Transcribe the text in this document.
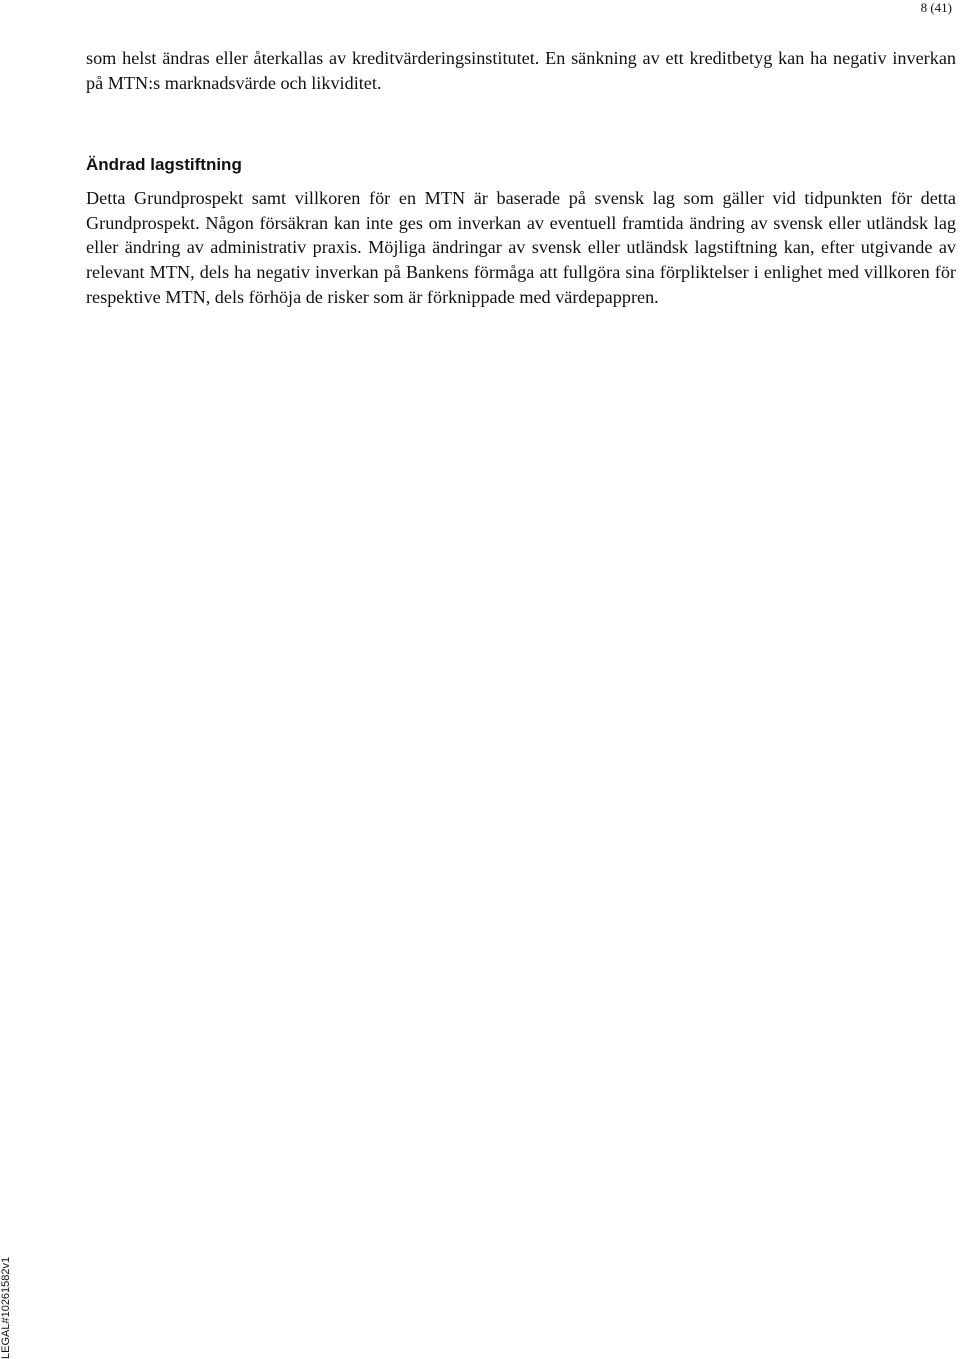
8 (41)

som helst ändras eller återkallas av kreditvärderingsinstitutet. En sänkning av ett kreditbetyg kan ha negativ inverkan på MTN:s marknadsvärde och likviditet.

Ändrad lagstiftning

Detta Grundprospekt samt villkoren för en MTN är baserade på svensk lag som gäller vid tidpunkten för detta Grundprospekt. Någon försäkran kan inte ges om inverkan av eventuell framtida ändring av svensk eller utländsk lag eller ändring av administrativ praxis. Möjliga ändringar av svensk eller utländsk lagstiftning kan, efter utgivande av relevant MTN, dels ha negativ inverkan på Bankens förmåga att fullgöra sina förpliktelser i enlighet med villkoren för respektive MTN, dels förhöja de risker som är förknippade med värdepappren.

LEGAL#10261582v1
